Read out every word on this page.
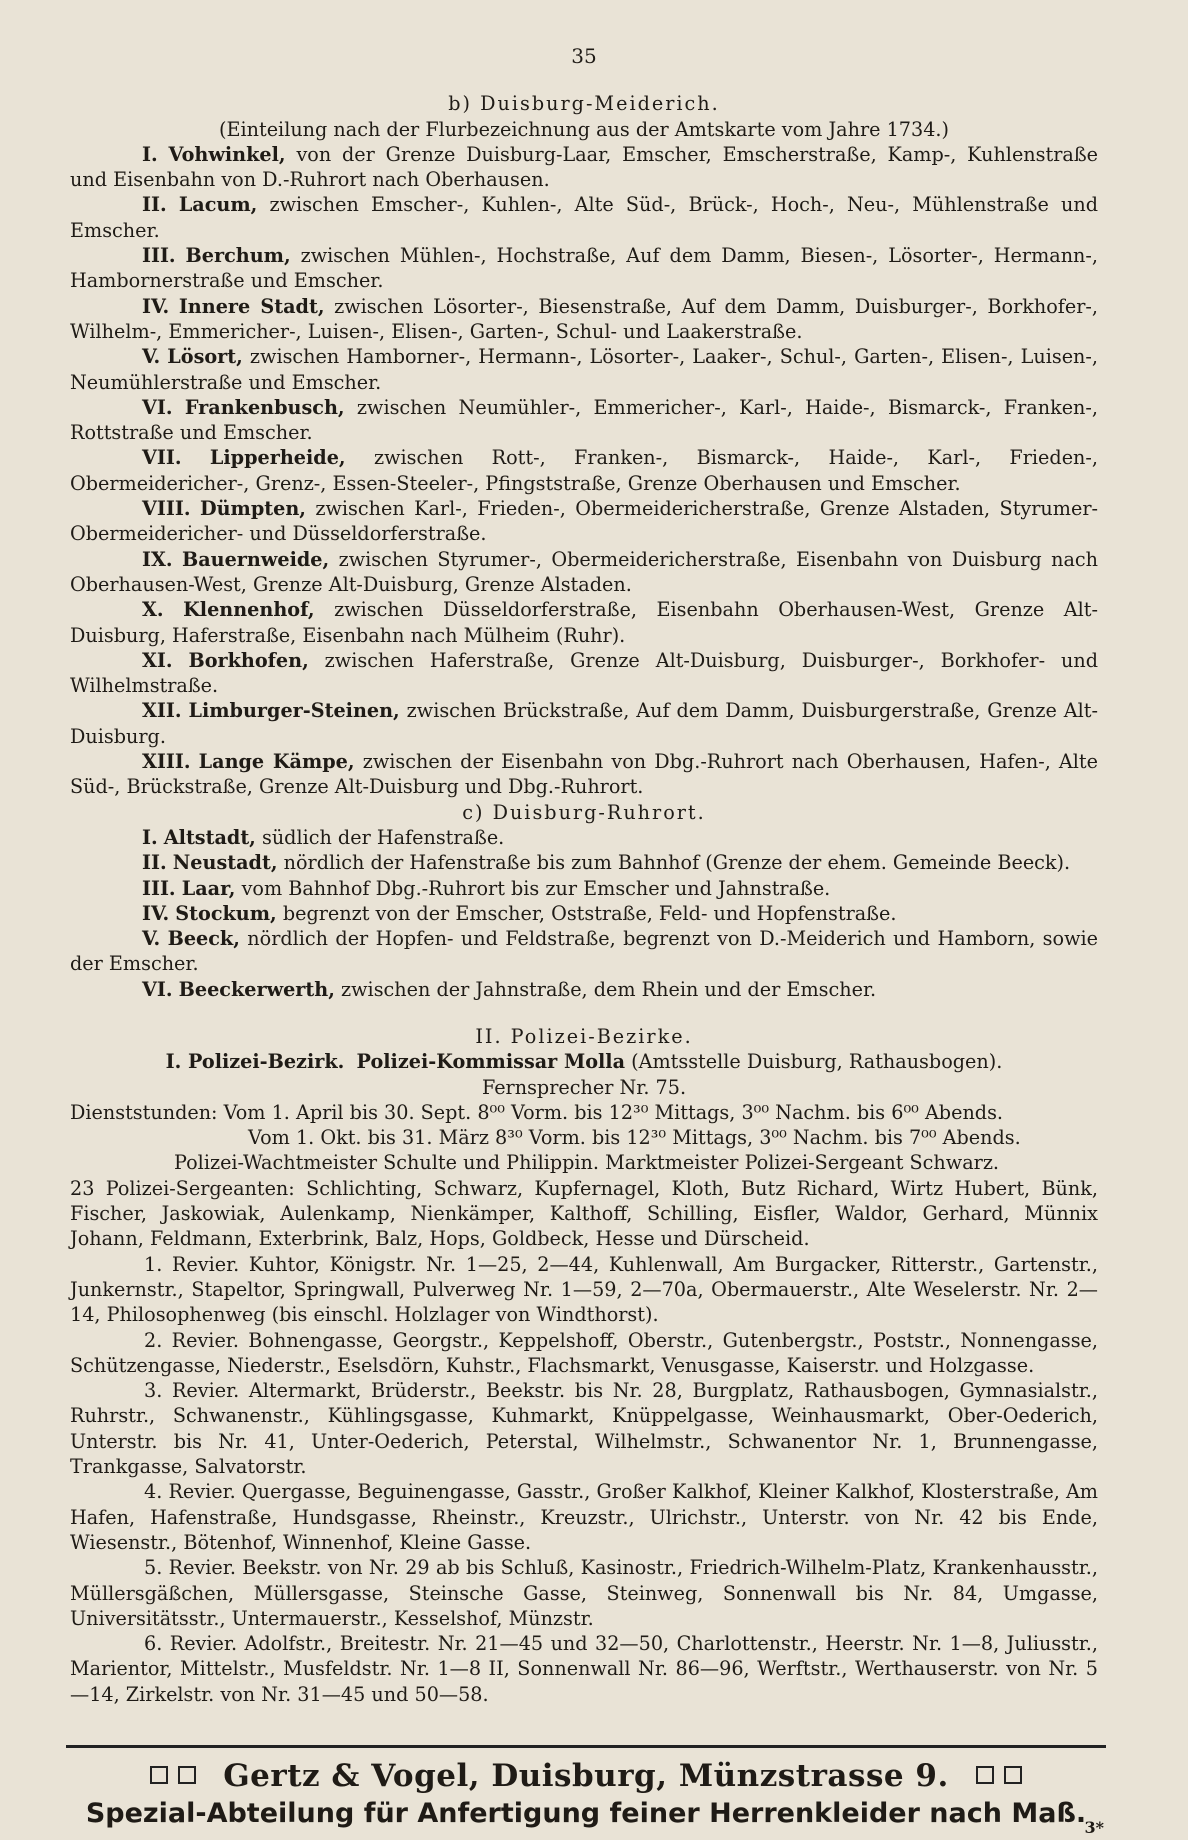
35
b) Duisburg-Meiderich.
(Einteilung nach der Flurbezeichnung aus der Amtskarte vom Jahre 1734.)

I. Vohwinkel, von der Grenze Duisburg-Laar, Emscher, Emscherstraße, Kamp-, Kuhlenstraße und Eisenbahn von D.-Ruhrort nach Oberhausen.

II. Lacum, zwischen Emscher-, Kuhlen-, Alte Süd-, Brück-, Hoch-, Neu-, Mühlenstraße und Emscher.

III. Berchum, zwischen Mühlen-, Hochstraße, Auf dem Damm, Biesen-, Lösorter-, Hermann-, Hambornerstraße und Emscher.

IV. Innere Stadt, zwischen Lösorter-, Biesenstraße, Auf dem Damm, Duisburger-, Borkhofer-, Wilhelm-, Emmericher-, Luisen-, Elisen-, Garten-, Schul- und Laakerstraße.

V. Lösort, zwischen Hamborner-, Hermann-, Lösorter-, Laaker-, Schul-, Garten-, Elisen-, Luisen-, Neumühlerstraße und Emscher.

VI. Frankenbusch, zwischen Neumühler-, Emmericher-, Karl-, Haide-, Bismarck-, Franken-, Rottstraße und Emscher.

VII. Lipperheide, zwischen Rott-, Franken-, Bismarck-, Haide-, Karl-, Frieden-, Obermeidericher-, Grenz-, Essen-Steeler-, Pfingststraße, Grenze Oberhausen und Emscher.

VIII. Dümpten, zwischen Karl-, Frieden-, Obermeidericherstraße, Grenze Alstaden, Styrumer-Obermeidericher- und Düsseldorferstraße.

IX. Bauernweide, zwischen Styrumer-, Obermeidericherstraße, Eisenbahn von Duisburg nach Oberhausen-West, Grenze Alt-Duisburg, Grenze Alstaden.

X. Klennenhof, zwischen Düsseldorferstraße, Eisenbahn Oberhausen-West, Grenze Alt-Duisburg, Haferstraße, Eisenbahn nach Mülheim (Ruhr).

XI. Borkhofen, zwischen Haferstraße, Grenze Alt-Duisburg, Duisburger-, Borkhofer- und Wilhelmstraße.

XII. Limburger-Steinen, zwischen Brückstraße, Auf dem Damm, Duisburgerstraße, Grenze Alt-Duisburg.

XIII. Lange Kämpe, zwischen der Eisenbahn von Dbg.-Ruhrort nach Oberhausen, Hafen-, Alte Süd-, Brückstraße, Grenze Alt-Duisburg und Dbg.-Ruhrort.

c) Duisburg-Ruhrort.

I. Altstadt, südlich der Hafenstraße.

II. Neustadt, nördlich der Hafenstraße bis zum Bahnhof (Grenze der ehem. Gemeinde Beeck).

III. Laar, vom Bahnhof Dbg.-Ruhrort bis zur Emscher und Jahnstraße.

IV. Stockum, begrenzt von der Emscher, Oststraße, Feld- und Hopfenstraße.

V. Beeck, nördlich der Hopfen- und Feldstraße, begrenzt von D.-Meiderich und Hamborn, sowie der Emscher.

VI. Beeckerwerth, zwischen der Jahnstraße, dem Rhein und der Emscher.

II. Polizei-Bezirke.
I. Polizei-Bezirk. Polizei-Kommissar Molla (Amtsstelle Duisburg, Rathausbogen).
Fernsprecher Nr. 75.

Dienststunden: Vom 1. April bis 30. Sept. 8⁰⁰ Vorm. bis 12³⁰ Mittags, 3⁰⁰ Nachm. bis 6⁰⁰ Abends.

Vom 1. Okt. bis 31. März 8³⁰ Vorm. bis 12³⁰ Mittags, 3⁰⁰ Nachm. bis 7⁰⁰ Abends.

Polizei-Wachtmeister Schulte und Philippin. Marktmeister Polizei-Sergeant Schwarz.

23 Polizei-Sergeanten: Schlichting, Schwarz, Kupfernagel, Kloth, Butz Richard, Wirtz Hubert, Bünk, Fischer, Jaskowiak, Aulenkamp, Nienkämper, Kalthoff, Schilling, Eisfler, Waldor, Gerhard, Münnix Johann, Feldmann, Exterbrink, Balz, Hops, Goldbeck, Hesse und Dürscheid.

1. Revier. Kuhtor, Königstr. Nr. 1—25, 2—44, Kuhlenwall, Am Burgacker, Ritterstr., Gartenstr., Junkernstr., Stapeltor, Springwall, Pulverweg Nr. 1—59, 2—70a, Obermauerstr., Alte Weselerstr. Nr. 2—14, Philosophenweg (bis einschl. Holzlager von Windthorst).

2. Revier. Bohnengasse, Georgstr., Keppelshoff, Oberstr., Gutenbergstr., Poststr., Nonnengasse, Schützengasse, Niederstr., Eselsdörn, Kuhstr., Flachsmarkt, Venusgasse, Kaiserstr. und Holzgasse.

3. Revier. Altermarkt, Brüderstr., Beekstr. bis Nr. 28, Burgplatz, Rathausbogen, Gymnasialstr., Ruhrstr., Schwanenstr., Kühlingsgasse, Kuhmarkt, Knüppelgasse, Weinhausmarkt, Ober-Oederich, Unterstr. bis Nr. 41, Unter-Oederich, Peterstal, Wilhelmstr., Schwanentor Nr. 1, Brunnengasse, Trankgasse, Salvatorstr.

4. Revier. Quergasse, Beguinengasse, Gasstr., Großer Kalkhof, Kleiner Kalkhof, Klosterstraße, Am Hafen, Hafenstraße, Hundsgasse, Rheinstr., Kreuzstr., Ulrichstr., Unterstr. von Nr. 42 bis Ende, Wiesenstr., Bötenhof, Winnenhof, Kleine Gasse.

5. Revier. Beekstr. von Nr. 29 ab bis Schluß, Kasinostr., Friedrich-Wilhelm-Platz, Krankenhausstr., Müllersgäßchen, Müllersgasse, Steinsche Gasse, Steinweg, Sonnenwall bis Nr. 84, Umgasse, Universitätsstr., Untermauerstr., Kesselshof, Münzstr.

6. Revier. Adolfstr., Breitestr. Nr. 21—45 und 32—50, Charlottenstr., Heerstr. Nr. 1—8, Juliusstr., Marientor, Mittelstr., Musfeldstr. Nr. 1—8 II, Sonnenwall Nr. 86—96, Werftstr., Werthauserstr. von Nr. 5—14, Zirkelstr. von Nr. 31—45 und 50—58.

Gertz & Vogel, Duisburg, Münzstrasse 9.
Spezial-Abteilung für Anfertigung feiner Herrenkleider nach Maß.
3*
